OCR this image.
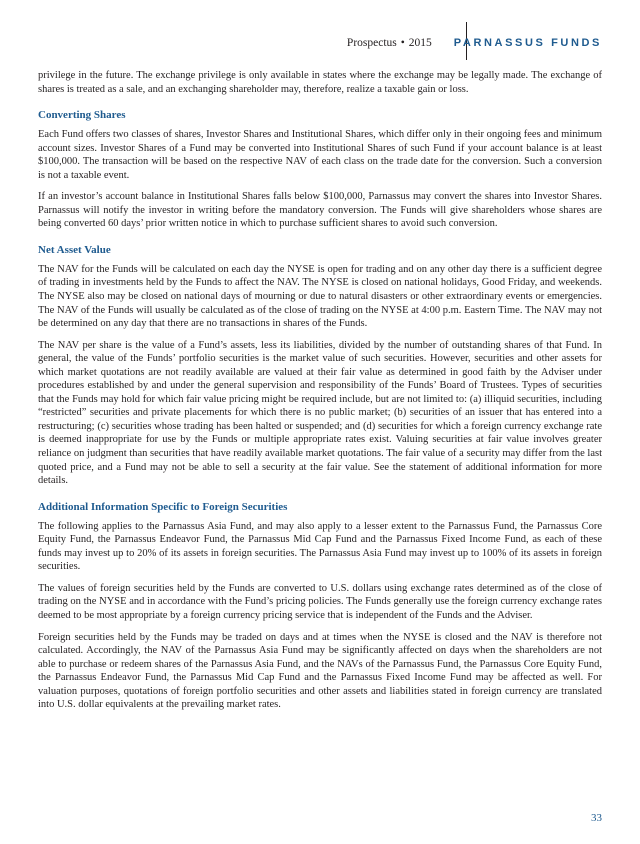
Prospectus • 2015	PARNASSUS FUNDS

privilege in the future. The exchange privilege is only available in states where the exchange may be legally made. The exchange of shares is treated as a sale, and an exchanging shareholder may, therefore, realize a taxable gain or loss.

Converting Shares

Each Fund offers two classes of shares, Investor Shares and Institutional Shares, which differ only in their ongoing fees and minimum account sizes. Investor Shares of a Fund may be converted into Institutional Shares of such Fund if your account balance is at least $100,000. The transaction will be based on the respective NAV of each class on the trade date for the conversion. Such a conversion is not a taxable event.

If an investor’s account balance in Institutional Shares falls below $100,000, Parnassus may convert the shares into Investor Shares. Parnassus will notify the investor in writing before the mandatory conversion. The Funds will give shareholders whose shares are being converted 60 days’ prior written notice in which to purchase sufficient shares to avoid such conversion.

Net Asset Value

The NAV for the Funds will be calculated on each day the NYSE is open for trading and on any other day there is a sufficient degree of trading in investments held by the Funds to affect the NAV. The NYSE is closed on national holidays, Good Friday, and weekends. The NYSE also may be closed on national days of mourning or due to natural disasters or other extraordinary events or emergencies. The NAV of the Funds will usually be calculated as of the close of trading on the NYSE at 4:00 p.m. Eastern Time. The NAV may not be determined on any day that there are no transactions in shares of the Funds.

The NAV per share is the value of a Fund’s assets, less its liabilities, divided by the number of outstanding shares of that Fund. In general, the value of the Funds’ portfolio securities is the market value of such securities. However, securities and other assets for which market quotations are not readily available are valued at their fair value as determined in good faith by the Adviser under procedures established by and under the general supervision and responsibility of the Funds’ Board of Trustees. Types of securities that the Funds may hold for which fair value pricing might be required include, but are not limited to: (a) illiquid securities, including “restricted” securities and private placements for which there is no public market; (b) securities of an issuer that has entered into a restructuring; (c) securities whose trading has been halted or suspended; and (d) securities for which a foreign currency exchange rate is deemed inappropriate for use by the Funds or multiple appropriate rates exist. Valuing securities at fair value involves greater reliance on judgment than securities that have readily available market quotations. The fair value of a security may differ from the last quoted price, and a Fund may not be able to sell a security at the fair value. See the statement of additional information for more details.

Additional Information Specific to Foreign Securities

The following applies to the Parnassus Asia Fund, and may also apply to a lesser extent to the Parnassus Fund, the Parnassus Core Equity Fund, the Parnassus Endeavor Fund, the Parnassus Mid Cap Fund and the Parnassus Fixed Income Fund, as each of these funds may invest up to 20% of its assets in foreign securities. The Parnassus Asia Fund may invest up to 100% of its assets in foreign securities.

The values of foreign securities held by the Funds are converted to U.S. dollars using exchange rates determined as of the close of trading on the NYSE and in accordance with the Fund’s pricing policies. The Funds generally use the foreign currency exchange rates deemed to be most appropriate by a foreign currency pricing service that is independent of the Funds and the Adviser.

Foreign securities held by the Funds may be traded on days and at times when the NYSE is closed and the NAV is therefore not calculated. Accordingly, the NAV of the Parnassus Asia Fund may be significantly affected on days when the shareholders are not able to purchase or redeem shares of the Parnassus Asia Fund, and the NAVs of the Parnassus Fund, the Parnassus Core Equity Fund, the Parnassus Endeavor Fund, the Parnassus Mid Cap Fund and the Parnassus Fixed Income Fund may be affected as well. For valuation purposes, quotations of foreign portfolio securities and other assets and liabilities stated in foreign currency are translated into U.S. dollar equivalents at the prevailing market rates.

33
